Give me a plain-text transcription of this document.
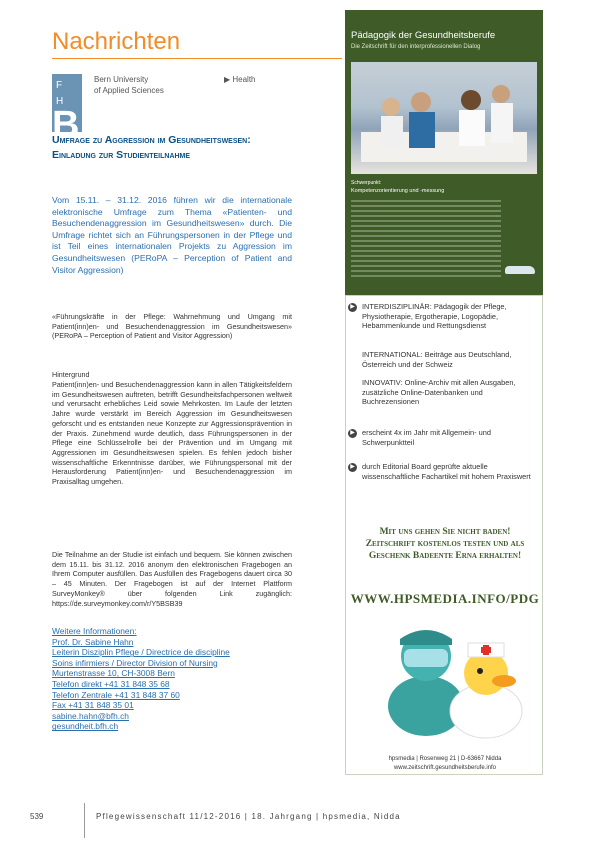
Nachrichten
F
H
B
Bern University
of Applied Sciences
▶ Health
Umfrage zu Aggression im Gesundheitswesen: Einladung zur Studienteilnahme
Vom 15.11. – 31.12. 2016 führen wir die internationale elektronische Umfrage zum Thema «Patienten- und Besuchendenaggression im Gesundheitswesen» durch. Die Umfrage richtet sich an Führungspersonen in der Pflege und ist Teil eines internationalen Projekts zu Aggression im Gesundheitswesen (PERoPA – Perception of Patient and Visitor Aggression)
«Führungskräfte in der Pflege: Wahrnehmung und Umgang mit Patient(inn)en- und Besuchendenaggression im Gesundheitswesen» (PERoPA – Perception of Patient and Visitor Aggression)
Hintergrund
Patient(inn)en- und Besuchendenaggression kann in allen Tätigkeitsfeldern im Gesundheitswesen auftreten, betrifft Gesundheitsfachpersonen weltweit und verursacht erhebliches Leid sowie Mehrkosten. Im Laufe der letzten Jahre wurde verstärkt im Bereich Aggression im Gesundheitswesen geforscht und es entstanden neue Konzepte zur Aggressionsprävention in der Praxis. Zunehmend wurde deutlich, dass Führungspersonen in der Pflege eine Schlüsselrolle bei der Prävention und im Umgang mit Aggressionen im Gesundheitswesen spielen. Es fehlen jedoch bisher wissenschaftliche Erkenntnisse darüber, wie Führungspersonal mit der Herausforderung Patient(inn)en- und Besuchendenaggression im Praxisalltag umgehen.
Die Teilnahme an der Studie ist einfach und bequem. Sie können zwischen dem 15.11. bis 31.12. 2016 anonym den elektronischen Fragebogen an Ihrem Computer ausfüllen. Das Ausfüllen des Fragebogens dauert circa 30 – 45 Minuten. Der Fragebogen ist auf der Internet Plattform SurveyMonkey® über folgenden Link zugänglich: https://de.surveymonkey.com/r/Y5BSB39
Weitere Informationen:
Prof. Dr. Sabine Hahn
Leiterin Disziplin Pflege / Directrice de discipline
Soins infirmiers / Director Division of Nursing
Murtenstrasse 10, CH-3008 Bern
Telefon direkt +41 31 848 35 68
Telefon Zentrale +41 31 848 37 60
Fax +41 31 848 35 01
sabine.hahn@bfh.ch
gesundheit.bfh.ch
Pädagogik der Gesundheitsberufe
Die Zeitschrift für den interprofessionellen Dialog
Schwerpunkt:
Kompetenzorientierung und -messung
▶ INTERDISZIPLINÄR: Pädagogik der Pflege, Physiotherapie, Ergotherapie, Logopädie, Hebammenkunde und Rettungsdienst
INTERNATIONAL: Beiträge aus Deutschland, Österreich und der Schweiz
INNOVATIV: Online-Archiv mit allen Ausgaben, zusätzliche Online-Datenbanken und Buchrezensionen
▶ erscheint 4x im Jahr mit Allgemein- und Schwerpunktteil
▶ durch Editorial Board geprüfte aktuelle wissenschaftliche Fachartikel mit hohem Praxiswert
Mit uns gehen Sie nicht baden!
Zeitschrift kostenlos testen und als
Geschenk Badeente Erna erhalten!
WWW.HPSMEDIA.INFO/PDG
hpsmedia | Rosenweg 21 | D-63667 Nidda
www.zeitschrift.gesundheitsberufe.info
539	Pflegewissenschaft 11/12-2016 | 18. Jahrgang | hpsmedia, Nidda
